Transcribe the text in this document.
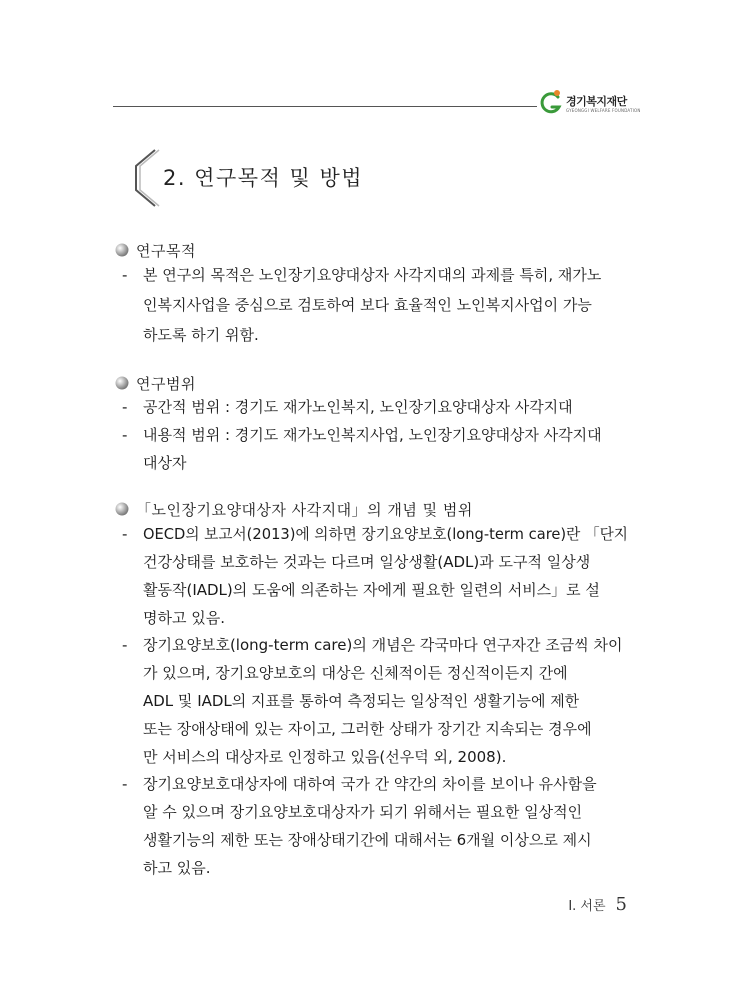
경기복지재단
GYEONGGI WELFARE FOUNDATION
2. 연구목적 및 방법
연구목적
- 본 연구의 목적은 노인장기요양대상자 사각지대의 과제를 특히, 재가노
인복지사업을 중심으로 검토하여 보다 효율적인 노인복지사업이 가능
하도록 하기 위함.
연구범위
- 공간적 범위 : 경기도 재가노인복지, 노인장기요양대상자 사각지대
- 내용적 범위 : 경기도 재가노인복지사업, 노인장기요양대상자 사각지대
대상자
「노인장기요양대상자 사각지대」의 개념 및 범위
- OECD의 보고서(2013)에 의하면 장기요양보호(long-term care)란 「단지
건강상태를 보호하는 것과는 다르며 일상생활(ADL)과 도구적 일상생
활동작(IADL)의 도움에 의존하는 자에게 필요한 일련의 서비스」로 설
명하고 있음.
- 장기요양보호(long-term care)의 개념은 각국마다 연구자간 조금씩 차이
가 있으며, 장기요양보호의 대상은 신체적이든 정신적이든지 간에
ADL 및 IADL의 지표를 통하여 측정되는 일상적인 생활기능에 제한
또는 장애상태에 있는 자이고, 그러한 상태가 장기간 지속되는 경우에
만 서비스의 대상자로 인정하고 있음(선우덕 외, 2008).
- 장기요양보호대상자에 대하여 국가 간 약간의 차이를 보이나 유사함을
알 수 있으며 장기요양보호대상자가 되기 위해서는 필요한 일상적인
생활기능의 제한 또는 장애상태기간에 대해서는 6개월 이상으로 제시
하고 있음.
Ⅰ. 서론 5
